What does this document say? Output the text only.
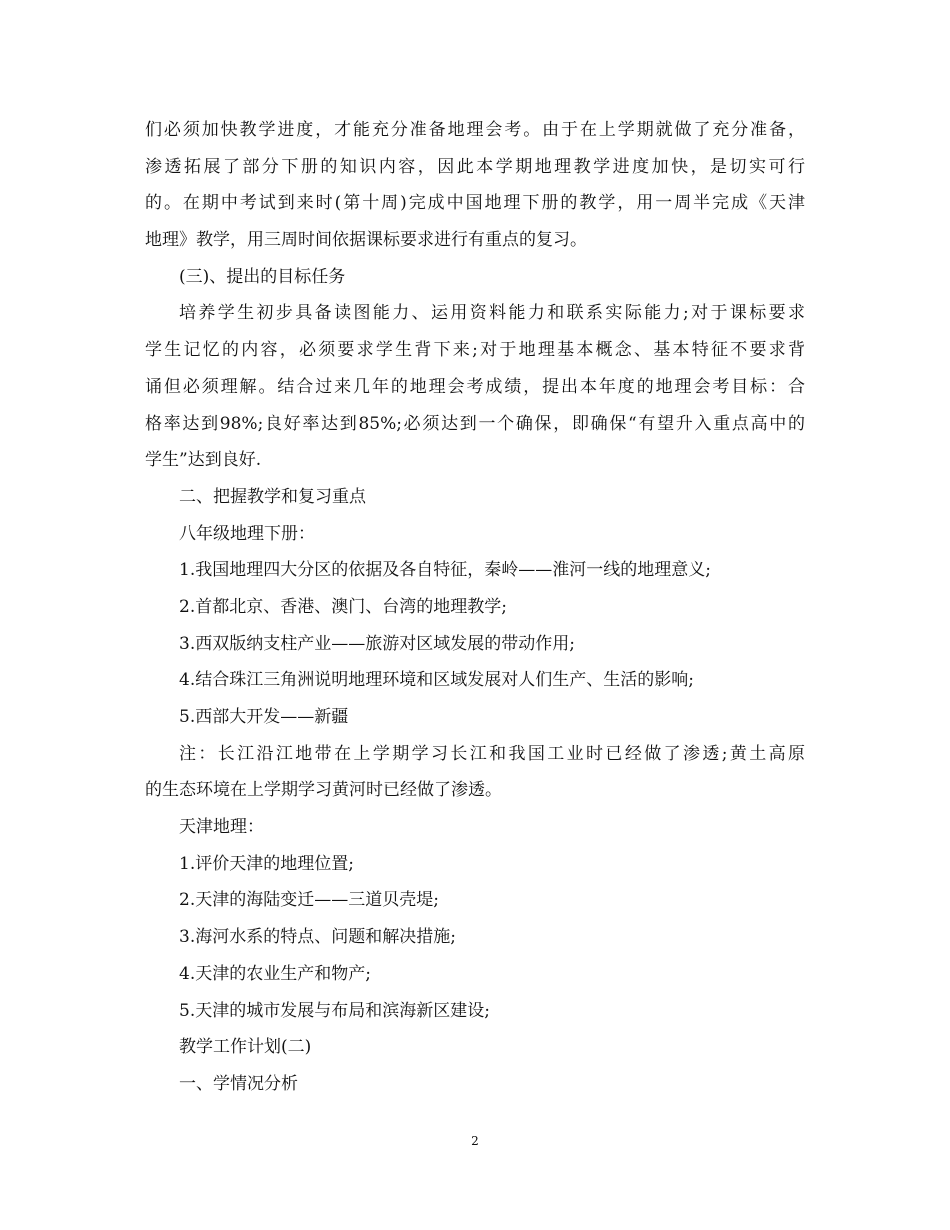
们必须加快教学进度，才能充分准备地理会考。由于在上学期就做了充分准备，
渗透拓展了部分下册的知识内容，因此本学期地理教学进度加快，是切实可行
的。在期中考试到来时(第十周)完成中国地理下册的教学，用一周半完成《天津
地理》教学，用三周时间依据课标要求进行有重点的复习。
(三)、提出的目标任务
培养学生初步具备读图能力、运用资料能力和联系实际能力;对于课标要求
学生记忆的内容，必须要求学生背下来;对于地理基本概念、基本特征不要求背
诵但必须理解。结合过来几年的地理会考成绩，提出本年度的地理会考目标：合
格率达到98%;良好率达到85%;必须达到一个确保，即确保“有望升入重点高中的
学生”达到良好.
二、把握教学和复习重点
八年级地理下册：
1.我国地理四大分区的依据及各自特征，秦岭——淮河一线的地理意义;
2.首都北京、香港、澳门、台湾的地理教学;
3.西双版纳支柱产业——旅游对区域发展的带动作用;
4.结合珠江三角洲说明地理环境和区域发展对人们生产、生活的影响;
5.西部大开发——新疆
注：长江沿江地带在上学期学习长江和我国工业时已经做了渗透;黄土高原
的生态环境在上学期学习黄河时已经做了渗透。
天津地理：
1.评价天津的地理位置;
2.天津的海陆变迁——三道贝壳堤;
3.海河水系的特点、问题和解决措施;
4.天津的农业生产和物产;
5.天津的城市发展与布局和滨海新区建设;
教学工作计划(二)
一、学情况分析
2
